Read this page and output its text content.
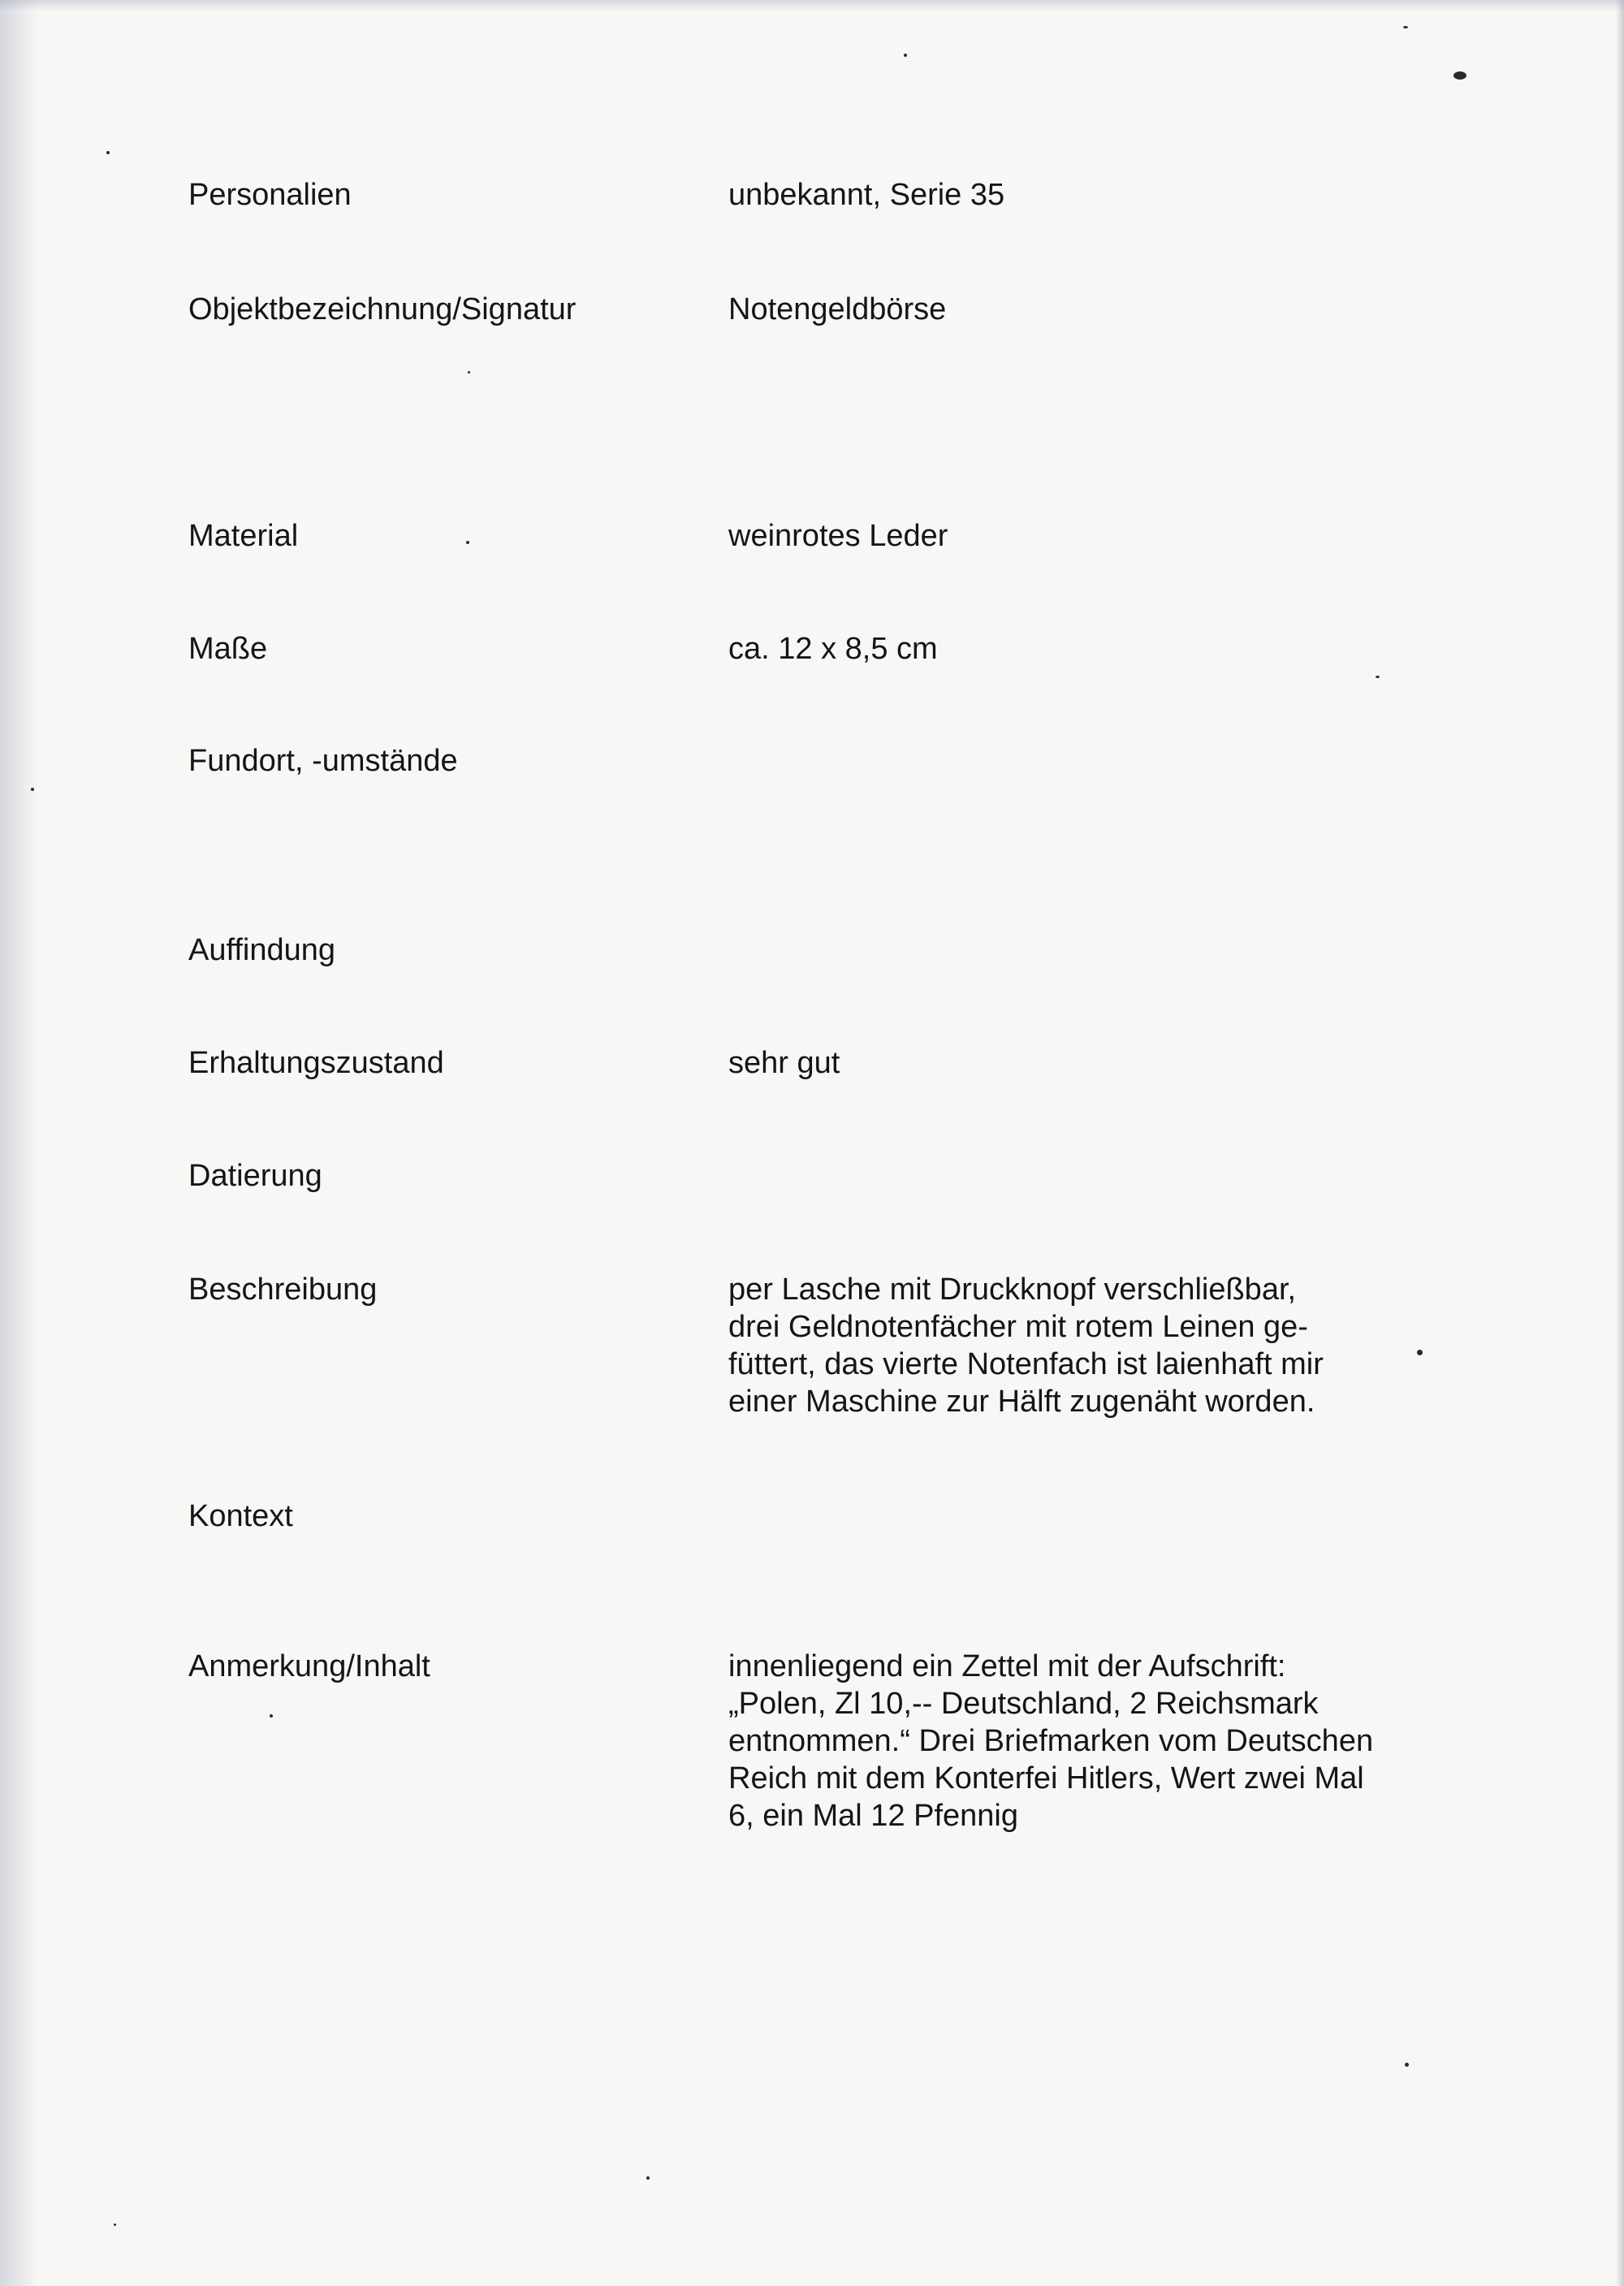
Personalien	unbekannt, Serie 35
Objektbezeichnung/Signatur	Notengeldbörse
Material	weinrotes Leder
Maße	ca. 12 x 8,5 cm
Fundort, -umstände
Auffindung
Erhaltungszustand	sehr gut
Datierung
Beschreibung	per Lasche mit Druckknopf verschließbar,
drei Geldnotenfächer mit rotem Leinen ge-
füttert, das vierte Notenfach ist laienhaft mir
einer Maschine zur Hälft zugenäht worden.
Kontext
Anmerkung/Inhalt	innenliegend ein Zettel mit der Aufschrift:
„Polen, Zl 10,-- Deutschland, 2 Reichsmark
entnommen.“ Drei Briefmarken vom Deutschen
Reich mit dem Konterfei Hitlers, Wert zwei Mal
6, ein Mal 12 Pfennig
